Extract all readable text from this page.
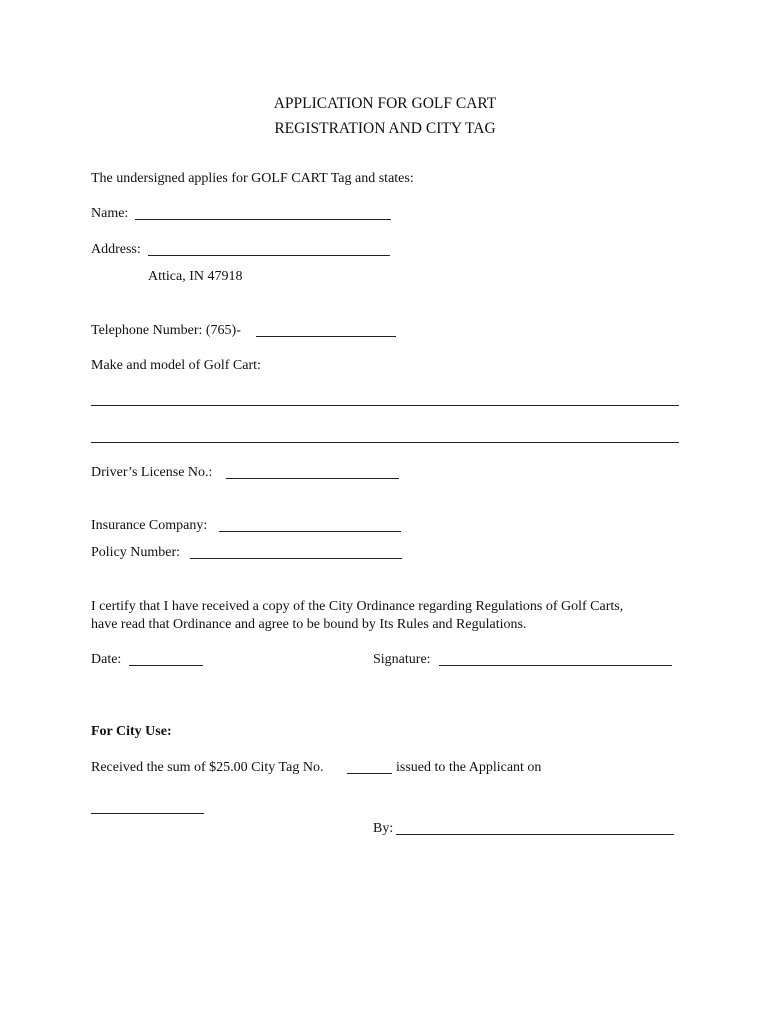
APPLICATION FOR GOLF CART
REGISTRATION AND CITY TAG
The undersigned applies for GOLF CART Tag and states:
Name:
Address:
Attica, IN 47918
Telephone Number: (765)-
Make and model of Golf Cart:
Driver’s License No.:
Insurance Company:
Policy Number:
I certify that I have received a copy of the City Ordinance regarding Regulations of Golf Carts,
have read that Ordinance and agree to be bound by Its Rules and Regulations.
Date:	Signature:
For City Use:
Received the sum of $25.00 City Tag No.	issued to the Applicant on
By:
